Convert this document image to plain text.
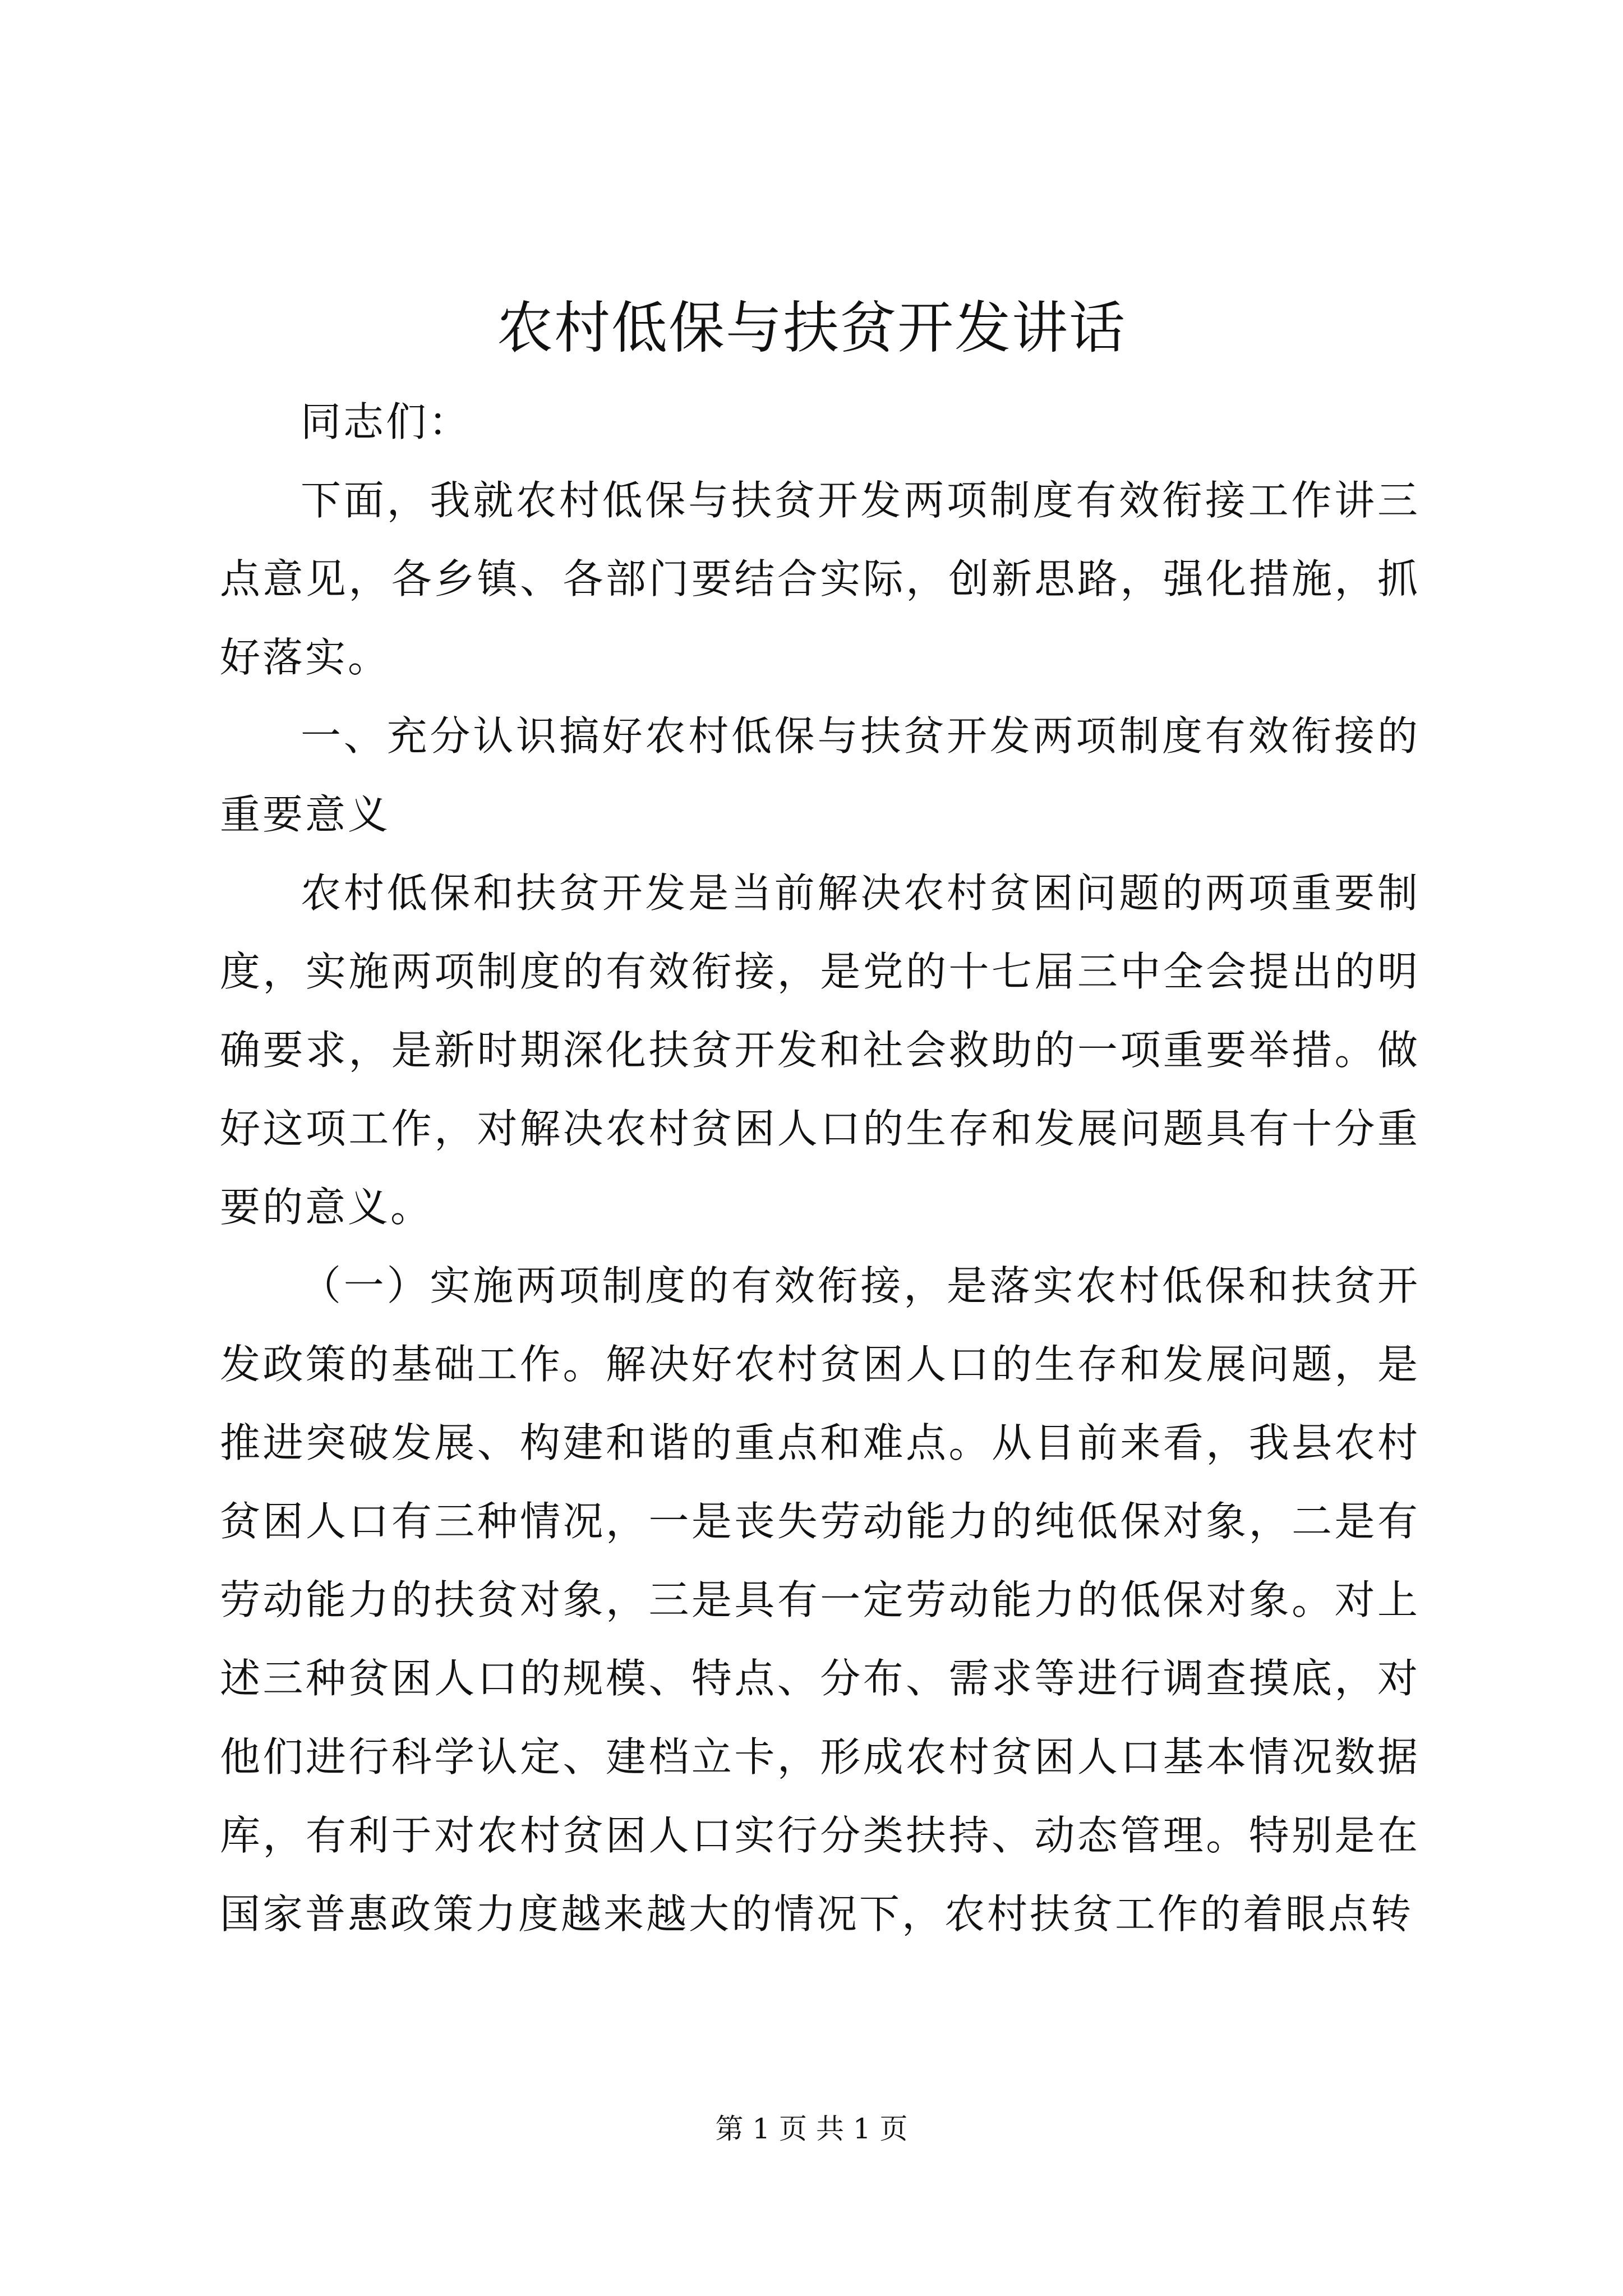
农村低保与扶贫开发讲话

同志们：

下面，我就农村低保与扶贫开发两项制度有效衔接工作讲三点意见，各乡镇、各部门要结合实际，创新思路，强化措施，抓好落实。

一、充分认识搞好农村低保与扶贫开发两项制度有效衔接的重要意义

农村低保和扶贫开发是当前解决农村贫困问题的两项重要制度，实施两项制度的有效衔接，是党的十七届三中全会提出的明确要求，是新时期深化扶贫开发和社会救助的一项重要举措。做好这项工作，对解决农村贫困人口的生存和发展问题具有十分重要的意义。

（一）实施两项制度的有效衔接，是落实农村低保和扶贫开发政策的基础工作。解决好农村贫困人口的生存和发展问题，是推进突破发展、构建和谐的重点和难点。从目前来看，我县农村贫困人口有三种情况，一是丧失劳动能力的纯低保对象，二是有劳动能力的扶贫对象，三是具有一定劳动能力的低保对象。对上述三种贫困人口的规模、特点、分布、需求等进行调查摸底，对他们进行科学认定、建档立卡，形成农村贫困人口基本情况数据库，有利于对农村贫困人口实行分类扶持、动态管理。特别是在国家普惠政策力度越来越大的情况下，农村扶贫工作的着眼点转

第 1 页 共 1 页
